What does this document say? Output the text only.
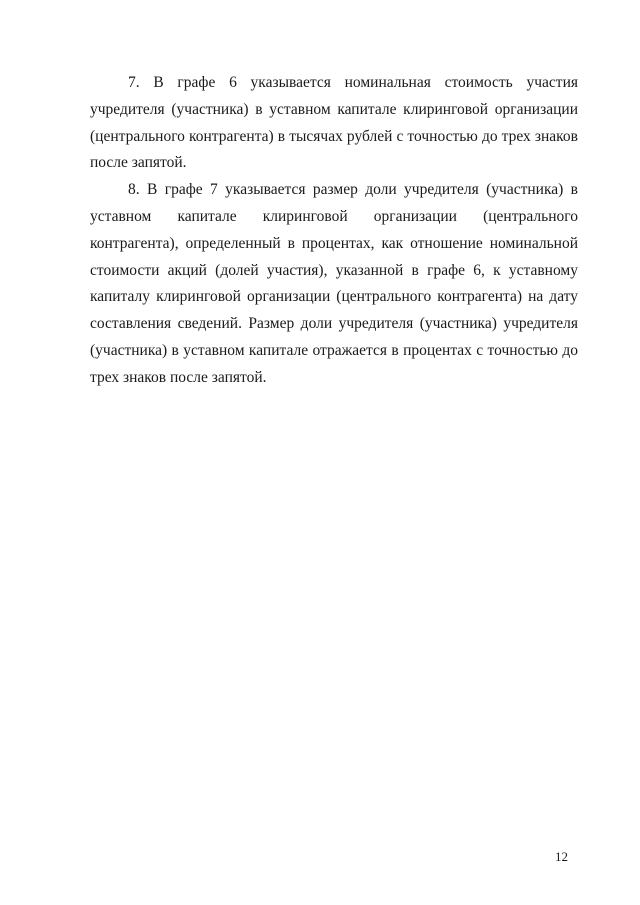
7. В графе 6 указывается номинальная стоимость участия учредителя (участника) в уставном капитале клиринговой организации (центрального контрагента) в тысячах рублей с точностью до трех знаков после запятой.

8. В графе 7 указывается размер доли учредителя (участника) в уставном капитале клиринговой организации (центрального контрагента), определенный в процентах, как отношение номинальной стоимости акций (долей участия), указанной в графе 6, к уставному капиталу клиринговой организации (центрального контрагента) на дату составления сведений. Размер доли учредителя (участника) учредителя (участника) в уставном капитале отражается в процентах с точностью до трех знаков после запятой.

12
